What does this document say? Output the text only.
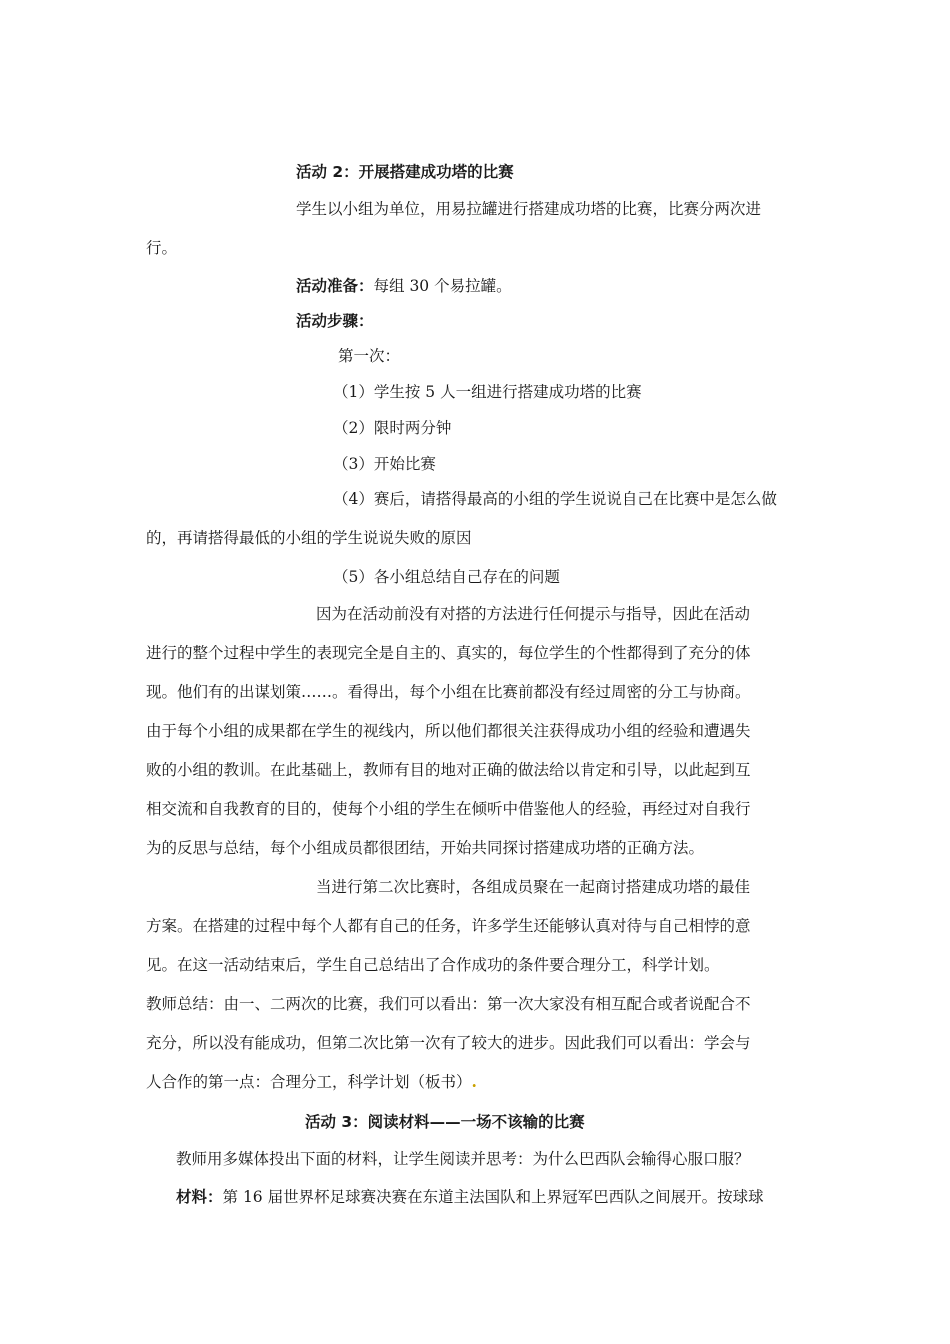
活动 2：开展搭建成功塔的比赛
学生以小组为单位，用易拉罐进行搭建成功塔的比赛，比赛分两次进
行。
活动准备：每组 30 个易拉罐。
活动步骤：
第一次：
（1）学生按 5 人一组进行搭建成功塔的比赛
（2）限时两分钟
（3）开始比赛
（4）赛后，请搭得最高的小组的学生说说自己在比赛中是怎么做
的，再请搭得最低的小组的学生说说失败的原因
（5）各小组总结自己存在的问题
因为在活动前没有对搭的方法进行任何提示与指导，因此在活动
进行的整个过程中学生的表现完全是自主的、真实的，每位学生的个性都得到了充分的体
现。他们有的出谋划策……。看得出，每个小组在比赛前都没有经过周密的分工与协商。
由于每个小组的成果都在学生的视线内，所以他们都很关注获得成功小组的经验和遭遇失
败的小组的教训。在此基础上，教师有目的地对正确的做法给以肯定和引导，以此起到互
相交流和自我教育的目的，使每个小组的学生在倾听中借鉴他人的经验，再经过对自我行
为的反思与总结，每个小组成员都很团结，开始共同探讨搭建成功塔的正确方法。
当进行第二次比赛时，各组成员聚在一起商讨搭建成功塔的最佳
方案。在搭建的过程中每个人都有自己的任务，许多学生还能够认真对待与自己相悖的意
见。在这一活动结束后，学生自己总结出了合作成功的条件要合理分工，科学计划。
教师总结：由一、二两次的比赛，我们可以看出：第一次大家没有相互配合或者说配合不
充分，所以没有能成功，但第二次比第一次有了较大的进步。因此我们可以看出：学会与
人合作的第一点：合理分工，科学计划（板书）.
活动 3：阅读材料——一场不该输的比赛
教师用多媒体投出下面的材料，让学生阅读并思考：为什么巴西队会输得心服口服？
材料：第 16 届世界杯足球赛决赛在东道主法国队和上界冠军巴西队之间展开。按球球
